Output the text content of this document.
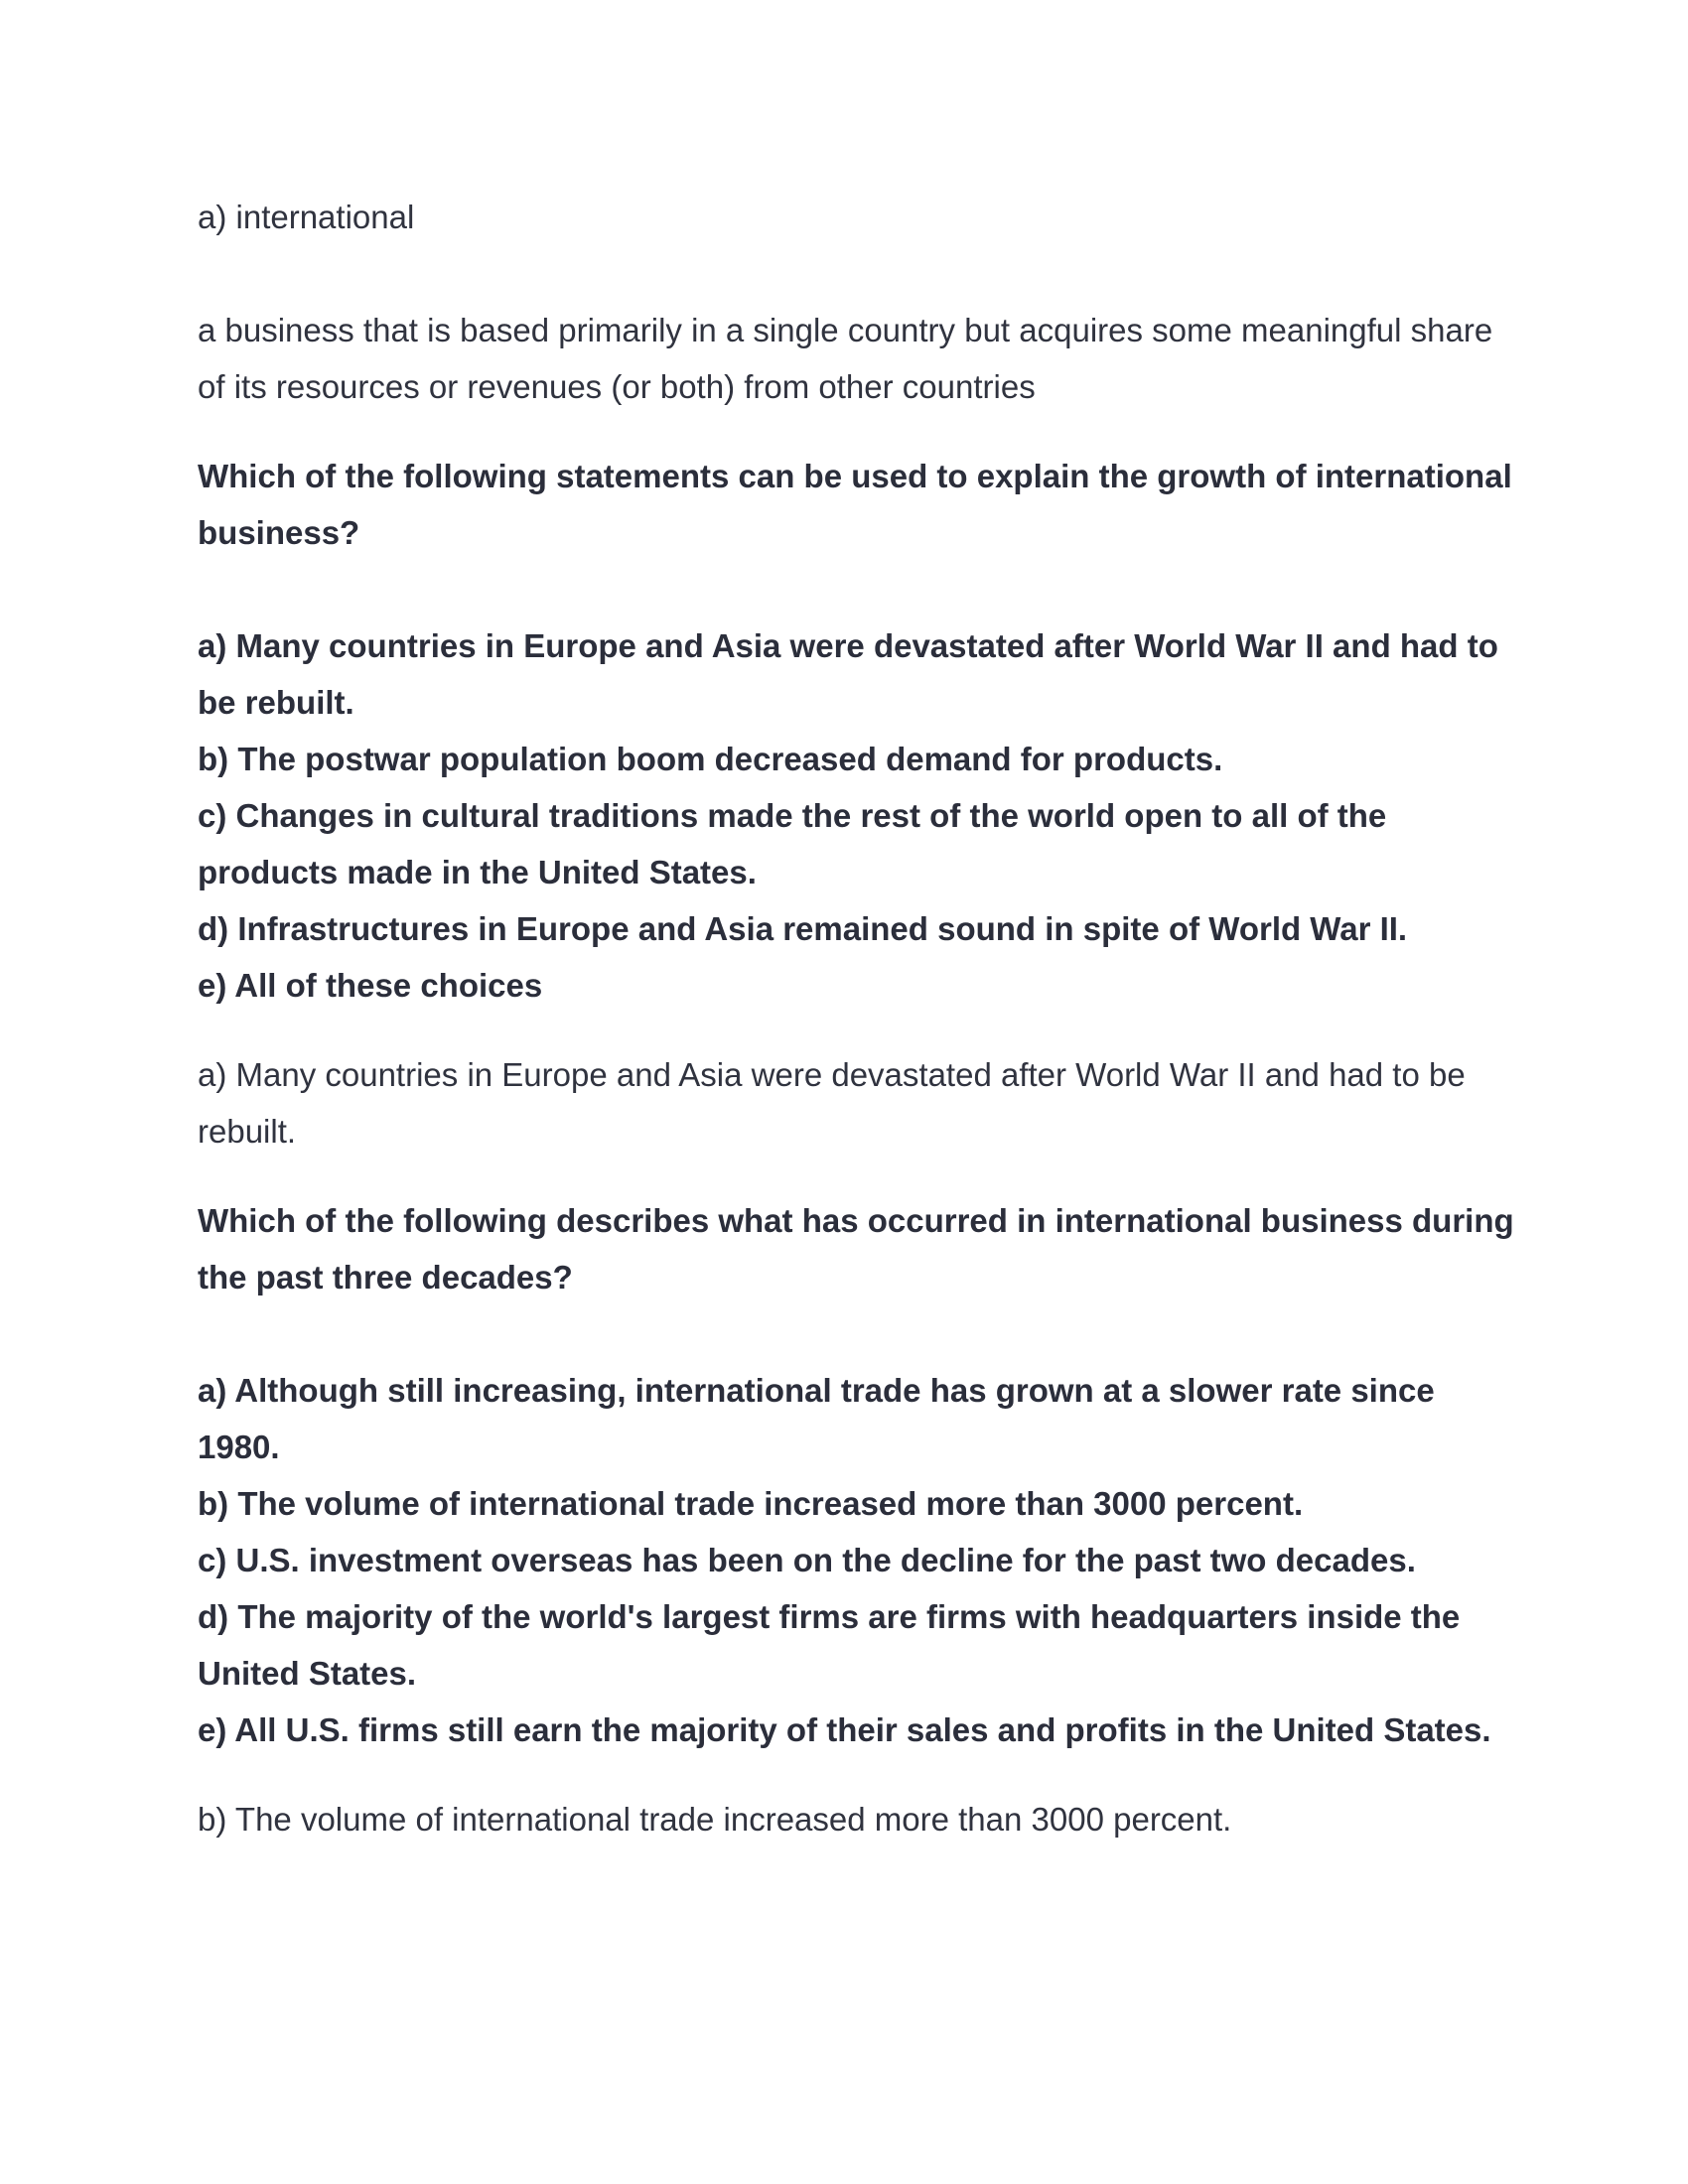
a) international

a business that is based primarily in a single country but acquires some meaningful share of its resources or revenues (or both) from other countries

Which of the following statements can be used to explain the growth of international business?

a) Many countries in Europe and Asia were devastated after World War II and had to be rebuilt.

b) The postwar population boom decreased demand for products.

c) Changes in cultural traditions made the rest of the world open to all of the products made in the United States.

d) Infrastructures in Europe and Asia remained sound in spite of World War II.

e) All of these choices

a) Many countries in Europe and Asia were devastated after World War II and had to be rebuilt.

Which of the following describes what has occurred in international business during the past three decades?

a) Although still increasing, international trade has grown at a slower rate since 1980.

b) The volume of international trade increased more than 3000 percent.

c) U.S. investment overseas has been on the decline for the past two decades.

d) The majority of the world's largest firms are firms with headquarters inside the United States.

e) All U.S. firms still earn the majority of their sales and profits in the United States.

b) The volume of international trade increased more than 3000 percent.
